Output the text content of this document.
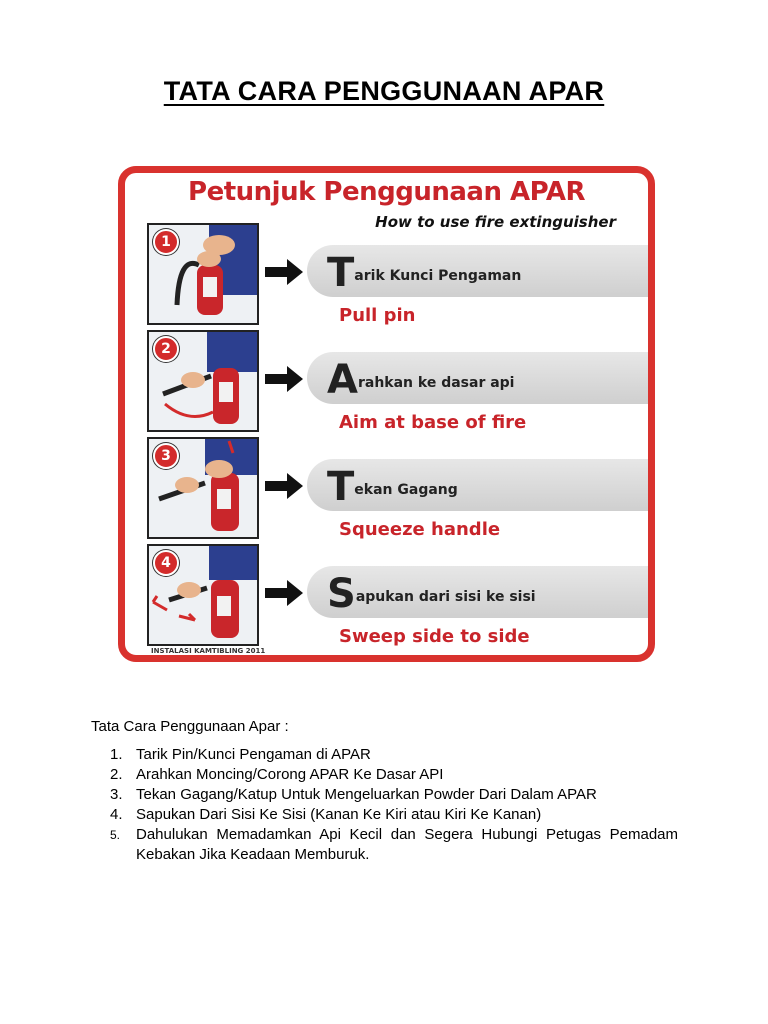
TATA CARA PENGGUNAAN APAR
Petunjuk Penggunaan APAR
How to use fire extinguisher
1
Tarik Kunci Pengaman
Pull pin
2
Arahkan ke dasar api
Aim at base of fire
3
Tekan Gagang
Squeeze handle
4
Sapukan dari sisi ke sisi
Sweep side to side
INSTALASI KAMTIBLING 2011
Tata Cara Penggunaan Apar :
1. Tarik Pin/Kunci Pengaman di APAR
2. Arahkan Moncing/Corong APAR Ke Dasar API
3. Tekan Gagang/Katup Untuk Mengeluarkan Powder Dari Dalam APAR
4. Sapukan Dari Sisi Ke Sisi (Kanan Ke Kiri atau Kiri Ke Kanan)
5. Dahulukan Memadamkan Api Kecil dan Segera Hubungi Petugas Pemadam Kebakan Jika Keadaan Memburuk.
